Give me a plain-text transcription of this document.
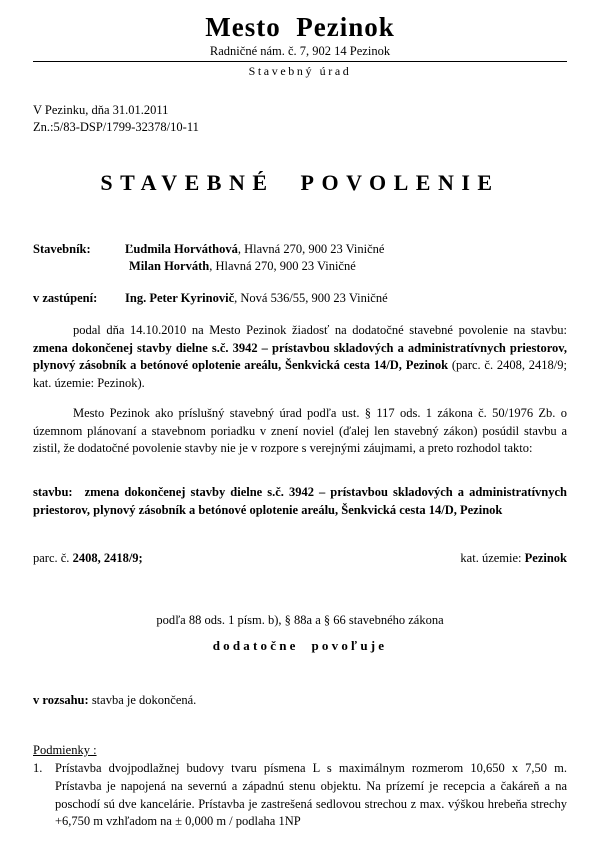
Mesto  Pezinok
Radničné nám. č. 7, 902 14 Pezinok
Stavebný úrad
V Pezinku, dňa 31.01.2011
Zn.:5/83-DSP/1799-32378/10-11
STAVEBNÉ  POVOLENIE
Stavebník:	Ľudmila Horváthová, Hlavná 270, 900 23 Viničné
Milan Horváth, Hlavná 270, 900 23 Viničné
v zastúpení:	Ing. Peter Kyrinovič, Nová 536/55, 900 23 Viničné
podal dňa 14.10.2010 na Mesto Pezinok žiadosť na dodatočné stavebné povolenie na stavbu: zmena dokončenej stavby dielne s.č. 3942 – prístavbou skladových a administratívnych priestorov, plynový zásobník a betónové oplotenie areálu, Šenkvická cesta 14/D, Pezinok (parc. č. 2408, 2418/9; kat. územie: Pezinok).
Mesto Pezinok ako príslušný stavebný úrad podľa ust. § 117 ods. 1 zákona č. 50/1976 Zb. o územnom plánovaní a stavebnom poriadku v znení noviel (ďalej len stavebný zákon) posúdil stavbu a zistil, že dodatočné povolenie stavby nie je v rozpore s verejnými záujmami, a preto rozhodol takto:
stavbu: zmena dokončenej stavby dielne s.č. 3942 – prístavbou skladových a administratívnych priestorov, plynový zásobník a betónové oplotenie areálu, Šenkvická cesta 14/D, Pezinok
parc. č. 2408, 2418/9;	kat. územie: Pezinok
podľa 88 ods. 1 písm. b), § 88a a § 66 stavebného zákona
dodatočne  povoľuje
v rozsahu: stavba je dokončená.
Podmienky :
1.	Prístavba dvojpodlažnej budovy tvaru písmena L s maximálnym rozmerom 10,650 x 7,50 m. Prístavba je napojená na severnú a západnú stenu objektu. Na prízemí je recepcia a čakáreň a na poschodí sú dve kancelárie. Prístavba je zastrešená sedlovou strechou z max. výškou hrebeňa strechy +6,750 m vzhľadom na ± 0,000 m / podlaha 1NP
